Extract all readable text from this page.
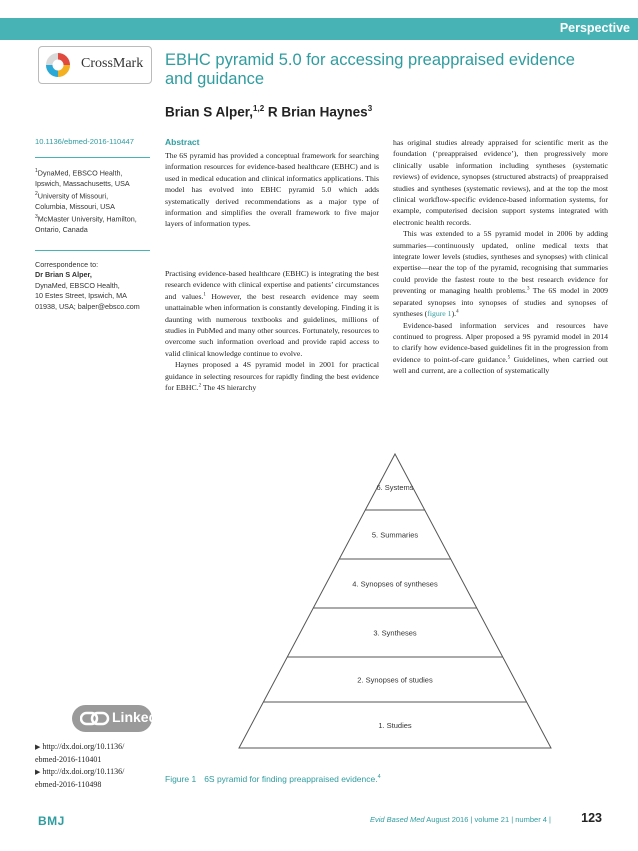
Perspective
CrossMark EBHC pyramid 5.0 for accessing preappraised evidence and guidance
Brian S Alper,$^{1,2}$ R Brian Haynes$^3$
10.1136/ebmed-2016-110447
$^1$DynaMed, EBSCO Health,
Ipswich, Massachusetts, USA
$^2$University of Missouri,
Columbia, Missouri, USA
$^3$McMaster University, Hamilton,
Ontario, Canada
Correspondence to:
Dr Brian S Alper,
DynaMed, EBSCO Health,
10 Estes Street, Ipswich, MA
01938, USA; balper@ebsco.com
Abstract

The 6S pyramid has provided a conceptual framework for searching information resources for evidence-based healthcare (EBHC) and is used in medical education and clinical informatics applications. This model has evolved into EBHC pyramid 5.0 which adds systematically derived recommendations as a major type of information and simplifies the overall framework to five major layers of information types.

Practising evidence-based healthcare (EBHC) is integrating the best research evidence with clinical expertise and patients’ circumstances and values.$^1$ However, the best research evidence may seem unattainable when information is constantly developing. Finding it is daunting with numerous textbooks and guidelines, millions of studies in PubMed and many other sources. Fortunately, resources to overcome such information overload and provide rapid access to valid clinical knowledge continue to evolve.

Haynes proposed a 4S pyramid model in 2001 for practical guidance in selecting resources for rapidly finding the best evidence for EBHC.$^2$ The 4S hierarchy

has original studies already appraised for scientific merit as the foundation (‘preappraised evidence’), then progressively more clinically usable information including syntheses (systematic reviews) of evidence, synopses (structured abstracts) of preappraised studies and syntheses (systematic reviews), and at the top the most clinical workflow-specific evidence-based information systems, for example, computerised decision support systems integrated with electronic health records.

This was extended to a 5S pyramid model in 2006 by adding summaries—continuously updated, online medical texts that integrate lower levels (studies, syntheses and synopses) with clinical expertise—near the top of the pyramid, recognising that summaries could provide the fastest route to the best research evidence for preventing or managing health problems.$^3$ The 6S model in 2009 separated synopses into synopses of studies and synopses of syntheses (figure 1).$^4$

Evidence-based information services and resources have continued to progress. Alper proposed a 9S pyramid model in 2014 to clarify how evidence-based guidelines fit in the progression from evidence to point-of-care guidance.$^5$ Guidelines, when carried out well and current, are a collection of systematically

6. Systems
5. Summaries
4. Synopses of syntheses
3. Syntheses
2. Synopses of studies
1. Studies
Linked
▶ http://dx.doi.org/10.1136/
ebmed-2016-110401
▶ http://dx.doi.org/10.1136/
ebmed-2016-110498	Figure 1 6S pyramid for finding preappraised evidence.$^4$
BMJ	Evid Based Med August 2016 | volume 21 | number 4 | 123
